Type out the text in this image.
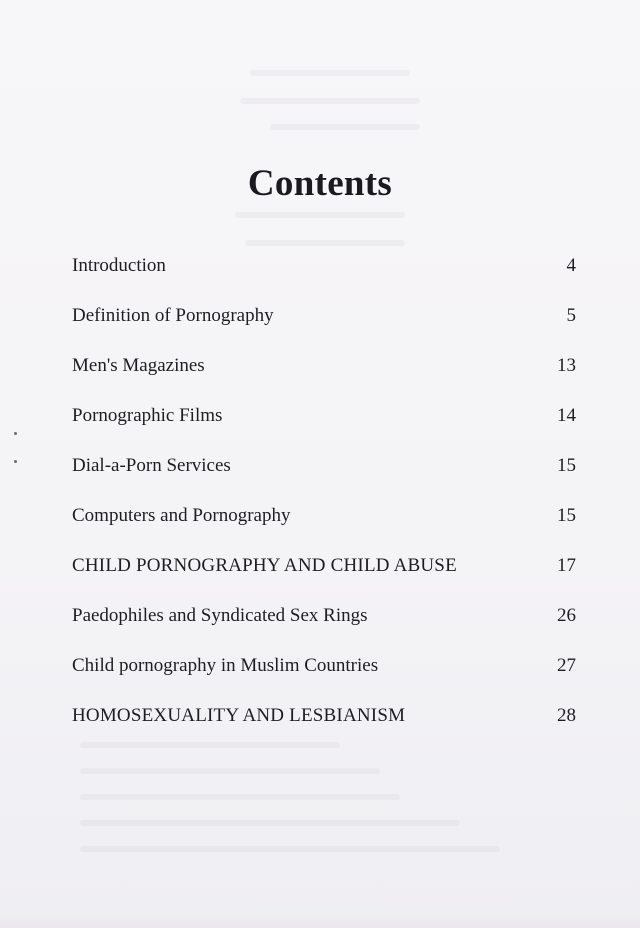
Contents
Introduction	4
Definition of Pornography	5
Men's Magazines	13
Pornographic Films	14
Dial-a-Porn Services	15
Computers and Pornography	15
CHILD PORNOGRAPHY AND CHILD ABUSE	17
Paedophiles and Syndicated Sex Rings	26
Child pornography in Muslim Countries	27
HOMOSEXUALITY AND LESBIANISM	28
